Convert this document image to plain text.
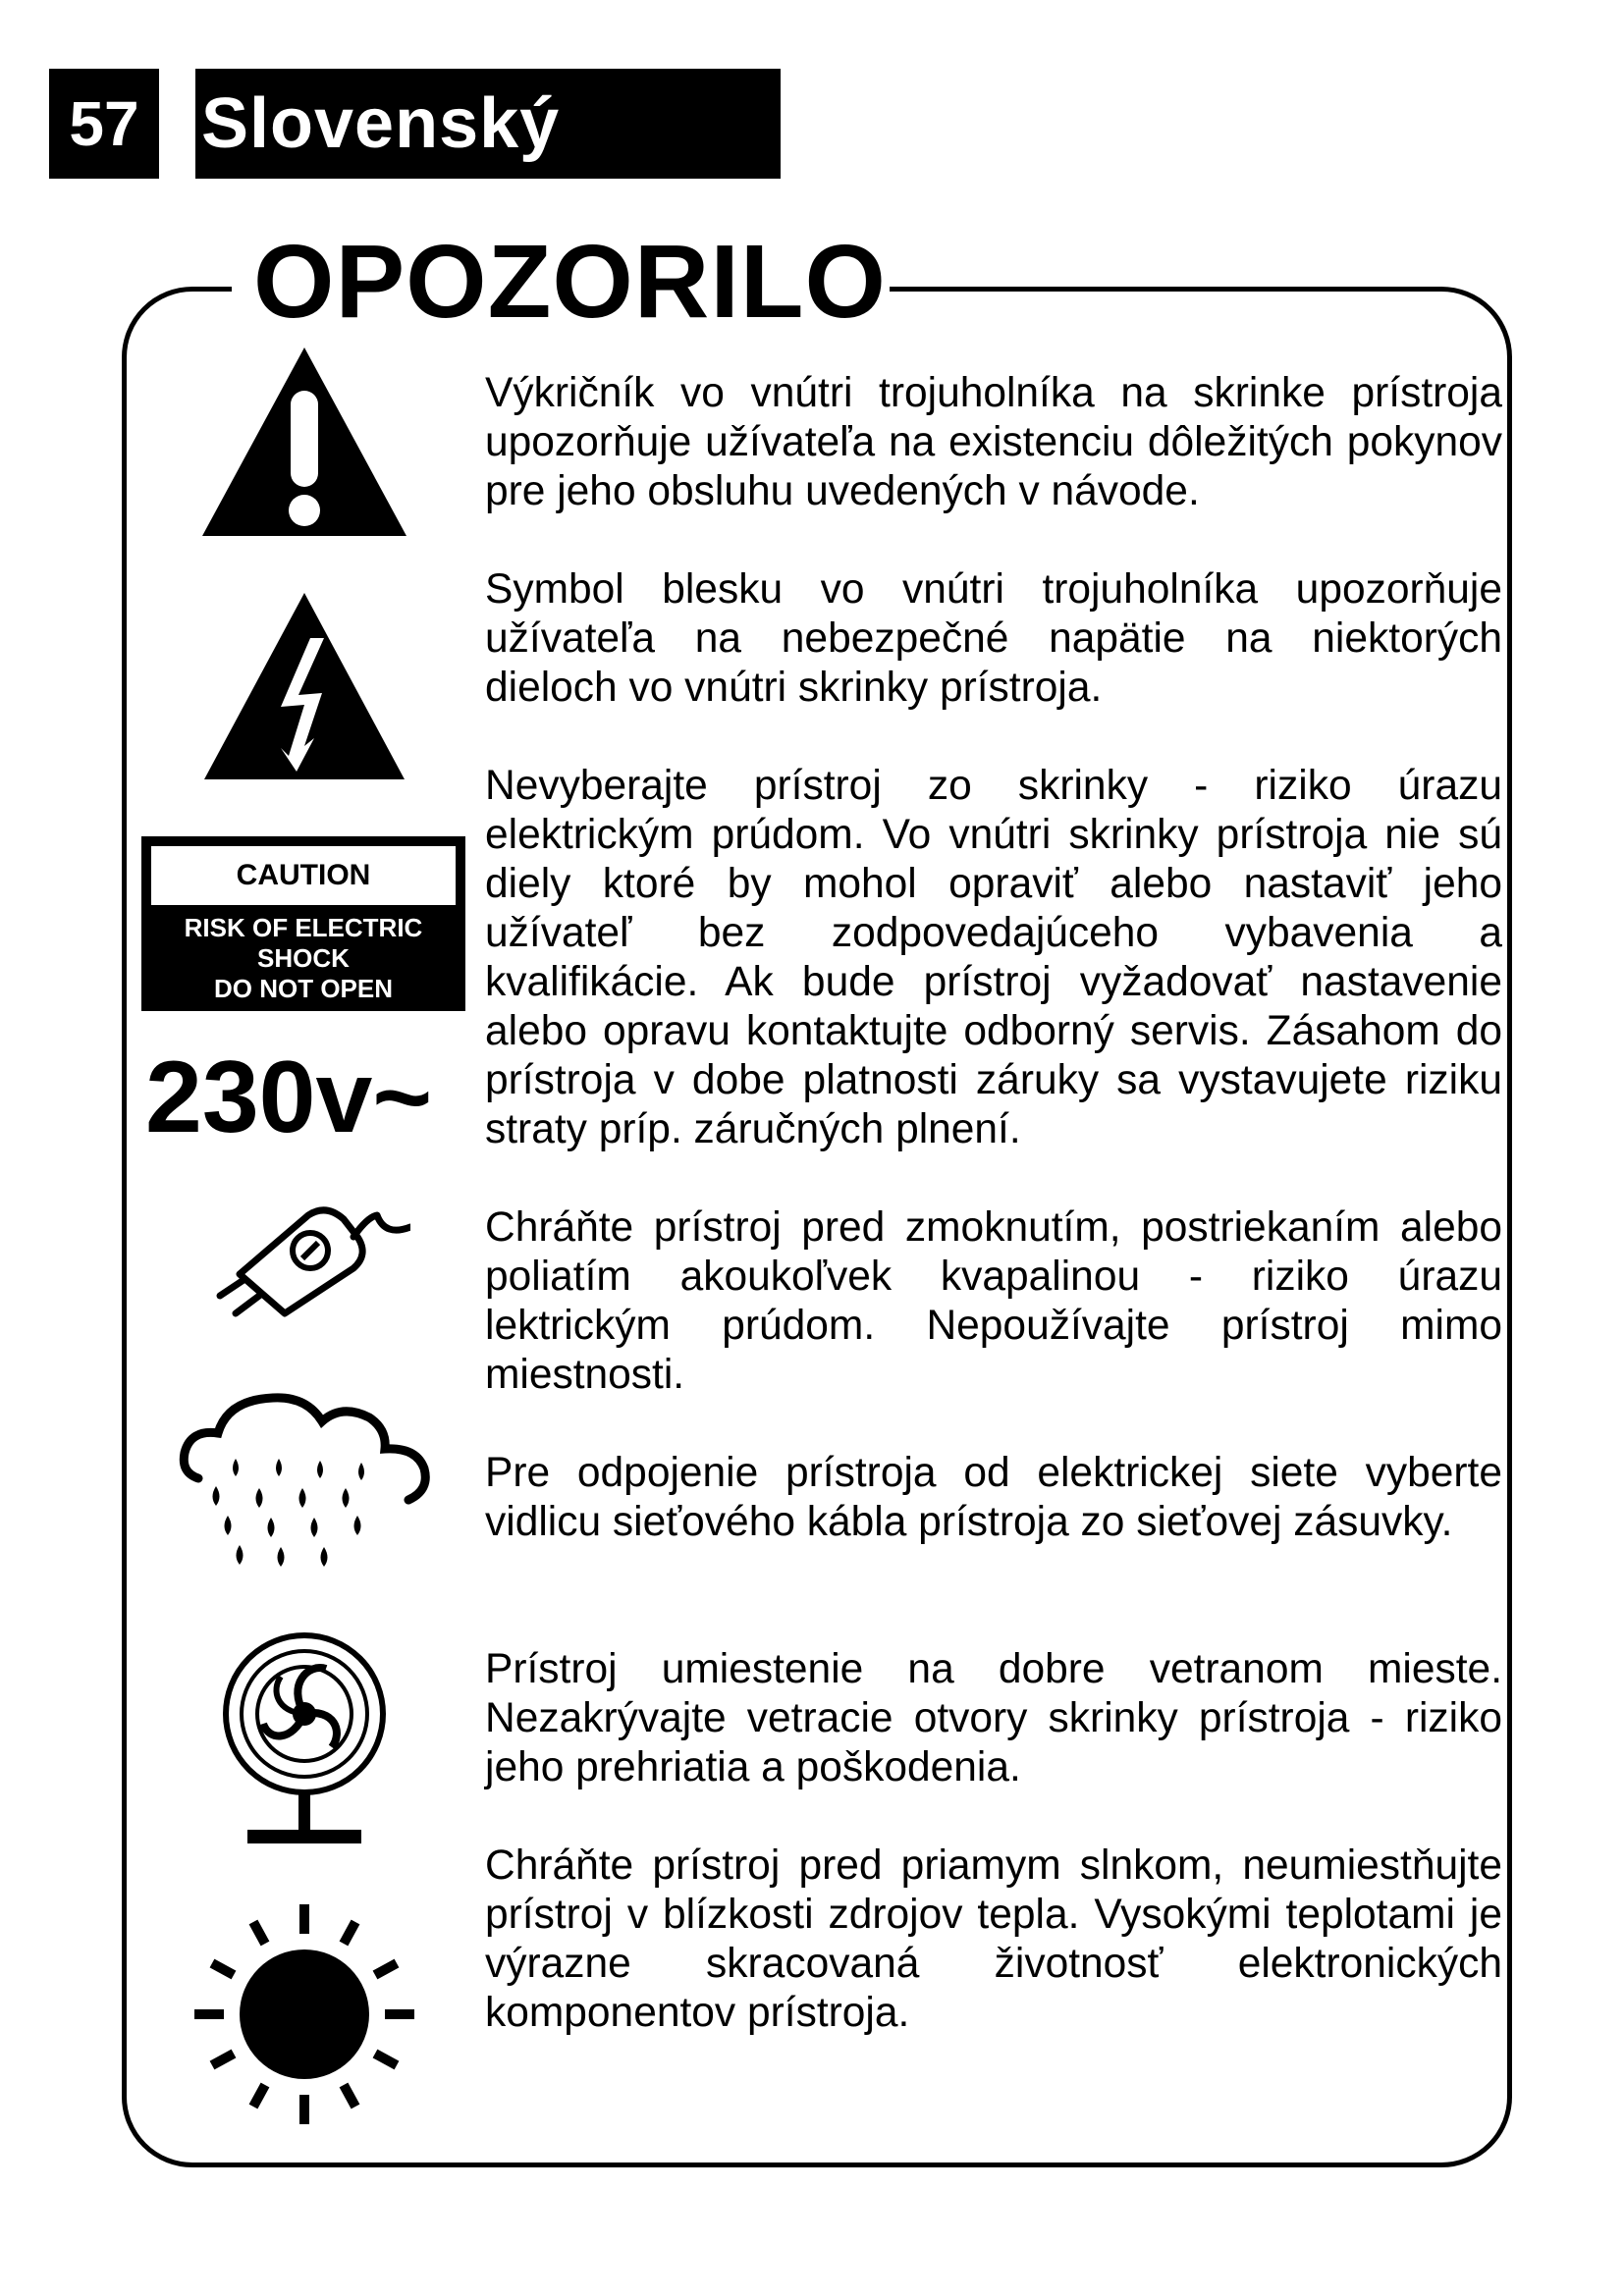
57 Slovenský
OPOZORILO
CAUTION
RISK OF ELECTRIC
SHOCK
DO NOT OPEN
230v~

Výkričník vo vnútri trojuholníka na skrinke prístroja upozorňuje užívateľa na existenciu dôležitých pokynov pre jeho obsluhu uvedených v návode.

Symbol blesku vo vnútri trojuholníka upozorňuje užívateľa na nebezpečné napätie na niektorých dieloch vo vnútri skrinky prístroja.

Nevyberajte prístroj zo skrinky - riziko úrazu elektrickým prúdom. Vo vnútri skrinky prístroja nie sú diely ktoré by mohol opraviť alebo nastaviť jeho užívateľ bez zodpovedajúceho vybavenia a kvalifikácie. Ak bude prístroj vyžadovať nastavenie alebo opravu kontaktujte odborný servis. Zásahom do prístroja v dobe platnosti záruky sa vystavujete riziku straty príp. záručných plnení.

Chráňte prístroj pred zmoknutím, postriekaním alebo poliatím akoukoľvek kvapalinou - riziko úrazu lektrickým prúdom. Nepoužívajte prístroj mimo miestnosti.

Pre odpojenie prístroja od elektrickej siete vyberte vidlicu sieťového kábla prístroja zo sieťovej zásuvky.

Prístroj umiestenie na dobre vetranom mieste. Nezakrývajte vetracie otvory skrinky prístroja - riziko jeho prehriatia a poškodenia.

Chráňte prístroj pred priamym slnkom, neumiestňujte prístroj v blízkosti zdrojov tepla. Vysokými teplotami je výrazne skracovaná životnosť elektronických komponentov prístroja.
